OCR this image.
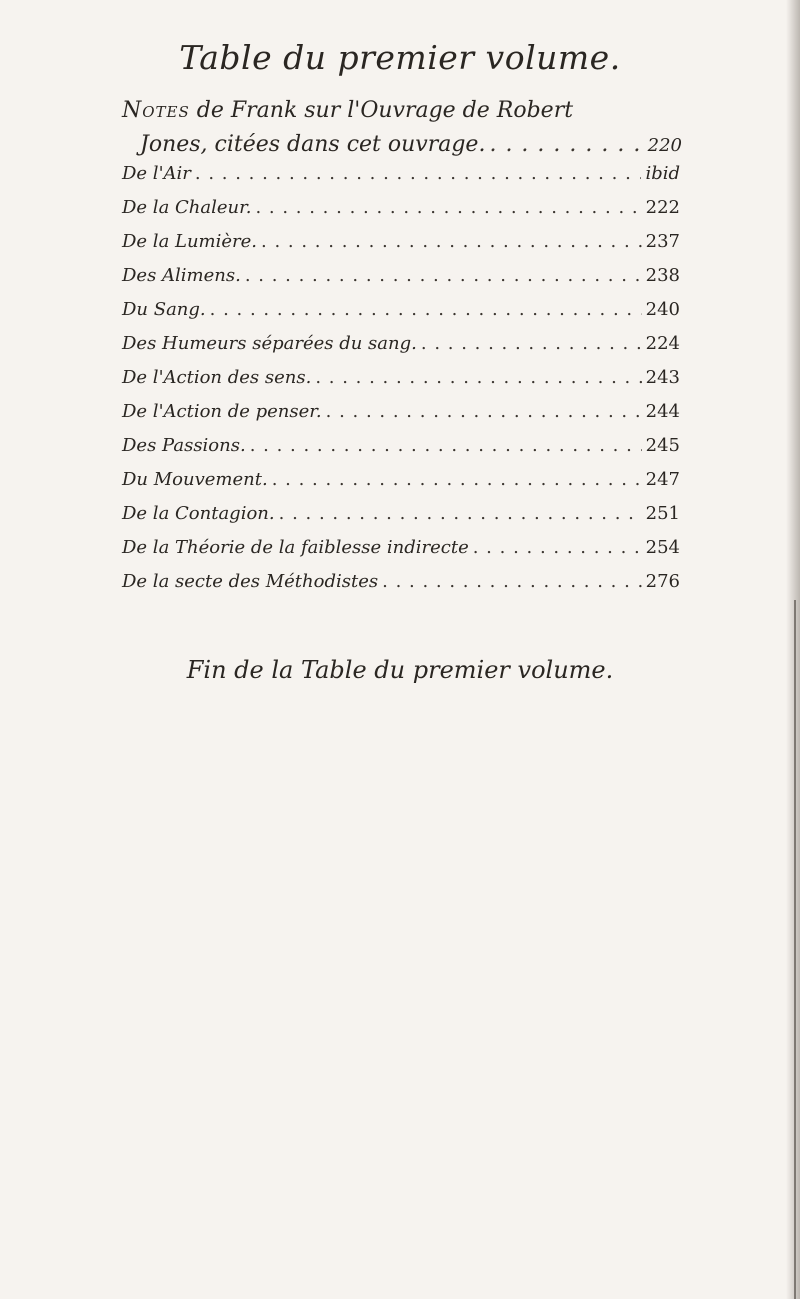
Table du premier volume.
Notes de Frank sur l'Ouvrage de Robert
Jones, citées dans cet ouvrage. . . .	220
De l'Air . . .	ibid
De la Chaleur. . . .	222
De la Lumière. . . .	237
Des Alimens. . . .	238
Du Sang. . . .	240
Des Humeurs séparées du sang. . . .	224
De l'Action des sens. . . .	243
De l'Action de penser. . . .	244
Des Passions. . . .	245
Du Mouvement. . . .	247
De la Contagion. . . .	251
De la Théorie de la faiblesse indirecte . . .	254
De la secte des Méthodistes . . .	276
Fin de la Table du premier volume.
